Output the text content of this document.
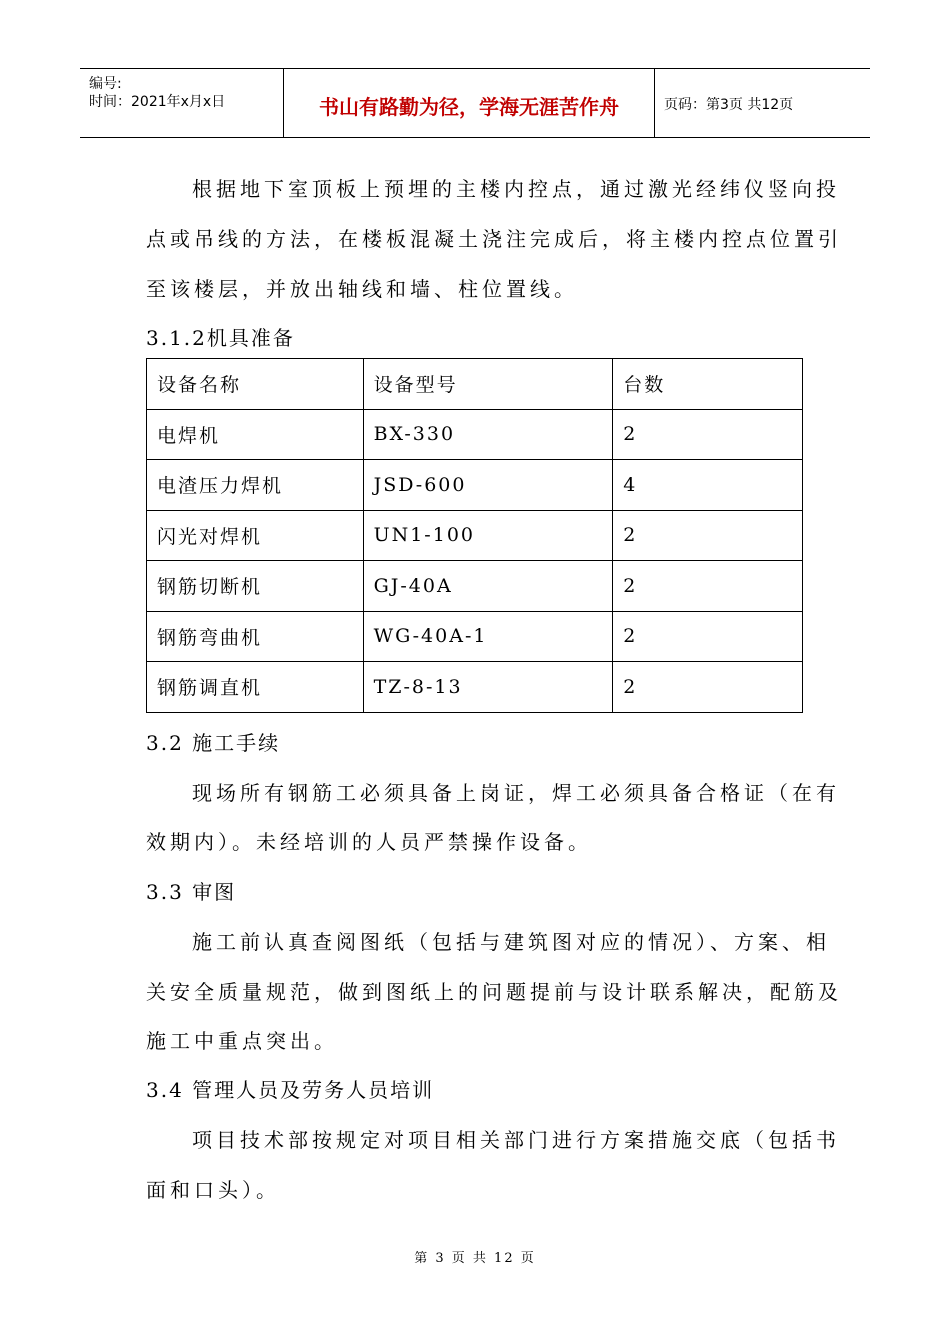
编号:
时间：2021年x月x日	书山有路勤为径，学海无涯苦作舟	页码：第3页 共12页
根据地下室顶板上预埋的主楼内控点，通过激光经纬仪竖向投
点或吊线的方法，在楼板混凝土浇注完成后，将主楼内控点位置引
至该楼层，并放出轴线和墙、柱位置线。
3.1.2机具准备
设备名称	设备型号	台数
电焊机	BX-330	2
电渣压力焊机	JSD-600	4
闪光对焊机	UN1-100	2
钢筋切断机	GJ-40A	2
钢筋弯曲机	WG-40A-1	2
钢筋调直机	TZ-8-13	2
3.2 施工手续
现场所有钢筋工必须具备上岗证，焊工必须具备合格证（在有
效期内）。未经培训的人员严禁操作设备。
3.3 审图
施工前认真查阅图纸（包括与建筑图对应的情况）、方案、相
关安全质量规范，做到图纸上的问题提前与设计联系解决，配筋及
施工中重点突出。
3.4 管理人员及劳务人员培训
项目技术部按规定对项目相关部门进行方案措施交底（包括书
面和口头）。
第 3 页 共 12 页
